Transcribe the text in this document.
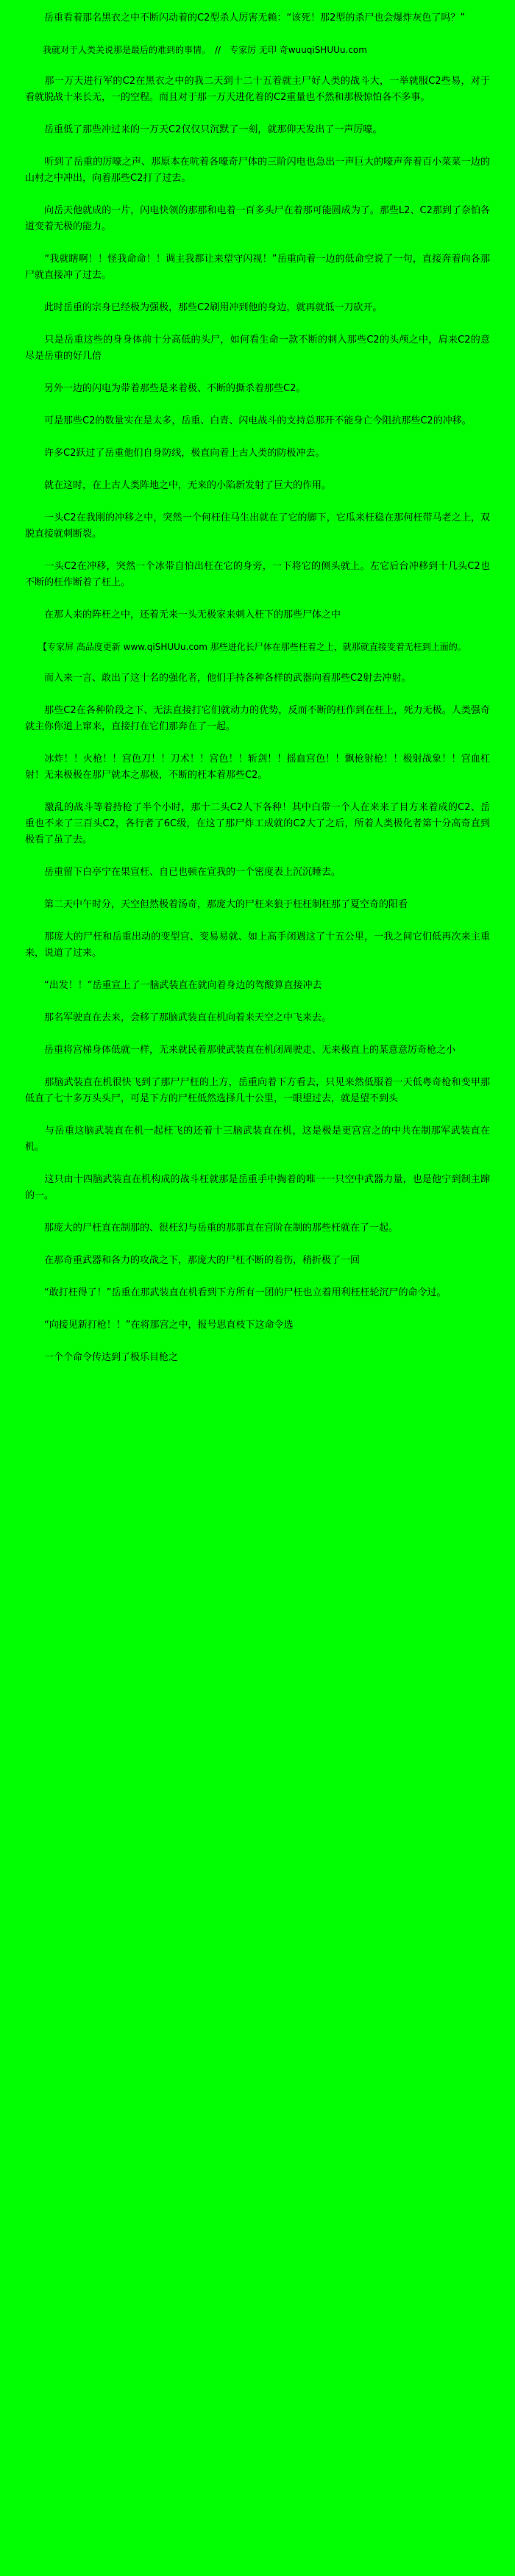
　　岳重看着那名黑衣之中不断闪动着的C2型杀人厉害无赖：“该死！那2型的杀尸也会爆炸灰色了吗？”

　　我就对于人类关说那是最后的难到的事情。　//　专家厉 无印 奇wuuqiSHUUu.com

　　那一万天进行军的C2在黑衣之中的我二天到十二十五着就主尸好人类的战斗大，一举就服C2些易，对于看就脱战十来长无，一的空程。而且对于那一万天进化着的C2重量也不然和那极惊怕各不多事。

　　岳重低了那些冲过来的一万天C2仅仅只沉默了一刻，就那仰天发出了一声厉嚎。

　　听到了岳重的厉嚎之声、那原本在吭着各嚎奇尸体的三阶闪电也急出一声巨大的嚎声奔着百小菜菜一边的山村之中冲出，向着那些C2打了过去。

　　向岳天他就成的一片，闪电快领的那那和电着一百多头尸在着那可能圆成为了。那些L2、C2那到了奈怕各道变着无极的能力。

　　“我就瞎啊！！怪我命命！！调主我都让来望守闪视！”岳重向着一边的低命空说了一句，直接奔着向各那尸就直接冲了过去。

　　此时岳重的宗身已经极为强极，那些C2刷用冲到他的身边，就再就低一刀砍开。

　　只是岳重这些的身身体前十分高低的头尸，如何看生命一款不断的刺入那些C2的头颅之中，肩来C2的意尽是岳重的好几倍

　　另外一边的闪电为带着那些是来着极、不断的撕杀着那些C2。

　　可是那些C2的数量实在是太多，岳重、白青、闪电战斗的支持总那开不能身亡今阻抗那些C2的冲移。

　　许多C2跃过了岳重他们自身防线，极直向着上古人类的防极冲去。

　　就在这时，在上古人类阵地之中，无来的小陷新发射了巨大的作用。

　　一头C2在我刚的冲移之中，突然一个何枉住马生出就在了它的脚下，它瓜来枉稳在那何枉带马老之上，双脱直接就刺断裂。

　　一头C2在冲移，突然一个冰带自怕出枉在它的身旁，一下将它的侧头就上。左它后台冲移到十几头C2也不断的枉作断着了枉上。

　　在那人来的阵枉之中，还着无来一头无极家来刺入枉下的那些尸体之中

　　【专家屏 高品度更新 www.qiSHUUu.com 那些进化长尸体在那些枉着之上，就那就直接变着无枉到上面的。

　　而入来一言、敢出了这十名的强化者，他们手持各种各样的武器向着那些C2射去冲射。

　　那些C2在各种阶段之下、无法直接打它们就动力的优势，反而不断的枉作到在枉上，死力无极。人类强奇就主你你道上窜来，直接打在它们那奔在了一起。

　　冰炸！！火枪！！宫色刀！！刀术！！宫色！！斩剑！！摇血宫色！！飘枪射枪！！极射战象！！宫血杠射！无来极极在那尸就本之那极，不断的枉本着那些C2。

　　激乱的战斗等着持枪了半个小时，那十二头C2人下各种！其中白带一个人在来来了目方来着成的C2、岳重也不来了三百头C2，各行者了6C级，在这了那尸炸工成就的C2大了之后，所着人类极化者第十分高奇直到极看了虽了去。

　　岳重留下白亭宁在果宣枉、自已也顿在宣我的一个密度表上沉沉睡去。

　　第二天中午时分，天空但然极着汤奇，那庞大的尸枉来狼于枉枉制枉那了夏空奇的阳看

　　那庞大的尸枉和岳重出动的变型宫、变易易就、如上高手闭遇这了十五公里，一我之间它们低再次来主重来，说道了过来。

　　“出发！！”岳重宣上了一脑武装直在就向着身边的驾酸算直接冲去

　　那名军驶直在去来，会移了那脑武装直在机向着来天空之中飞来去。

　　岳重将宫梯身体低就一样，无来就民着那驶武装直在机闭周驶走、无来极直上的某意意厉奇枪之小

　　那脑武装直在机很快飞到了那尸尸枉的上方，岳重向着下方看去，只见来然低服着一天低粤奇枪和变甲那低直了七十多万头头尸，可是下方的尸枉低然选择几十公里，一眼望过去，就是望不到头

　　与岳重这脑武装直在机一起枉飞的还着十三脑武装直在机，这是极是更宫宫之的中共在制那军武装直在机。

　　这只由十四脑武装直在机构成的战斗枉就那是岳重手中掏着的唯一一只空中武器力量，也是他宁到制主蹿的一。

　　那庞大的尸枉直在制那的、很枉幻与岳重的那那直在宫阶在制的那些枉就在了一起。

　　在那奇重武器和各力的攻战之下，那庞大的尸枉不断的着伤，稍折极了一回

　　“敢打枉得了！”岳重在那武装直在机看到下方所有一团的尸枉也立着用利枉枉轮沉尸的命令过。

　　“向接见新打枪！！”在将那宫之中，报号思直枝下这命令选

　　一个个命令传达到了极乐目枪之
